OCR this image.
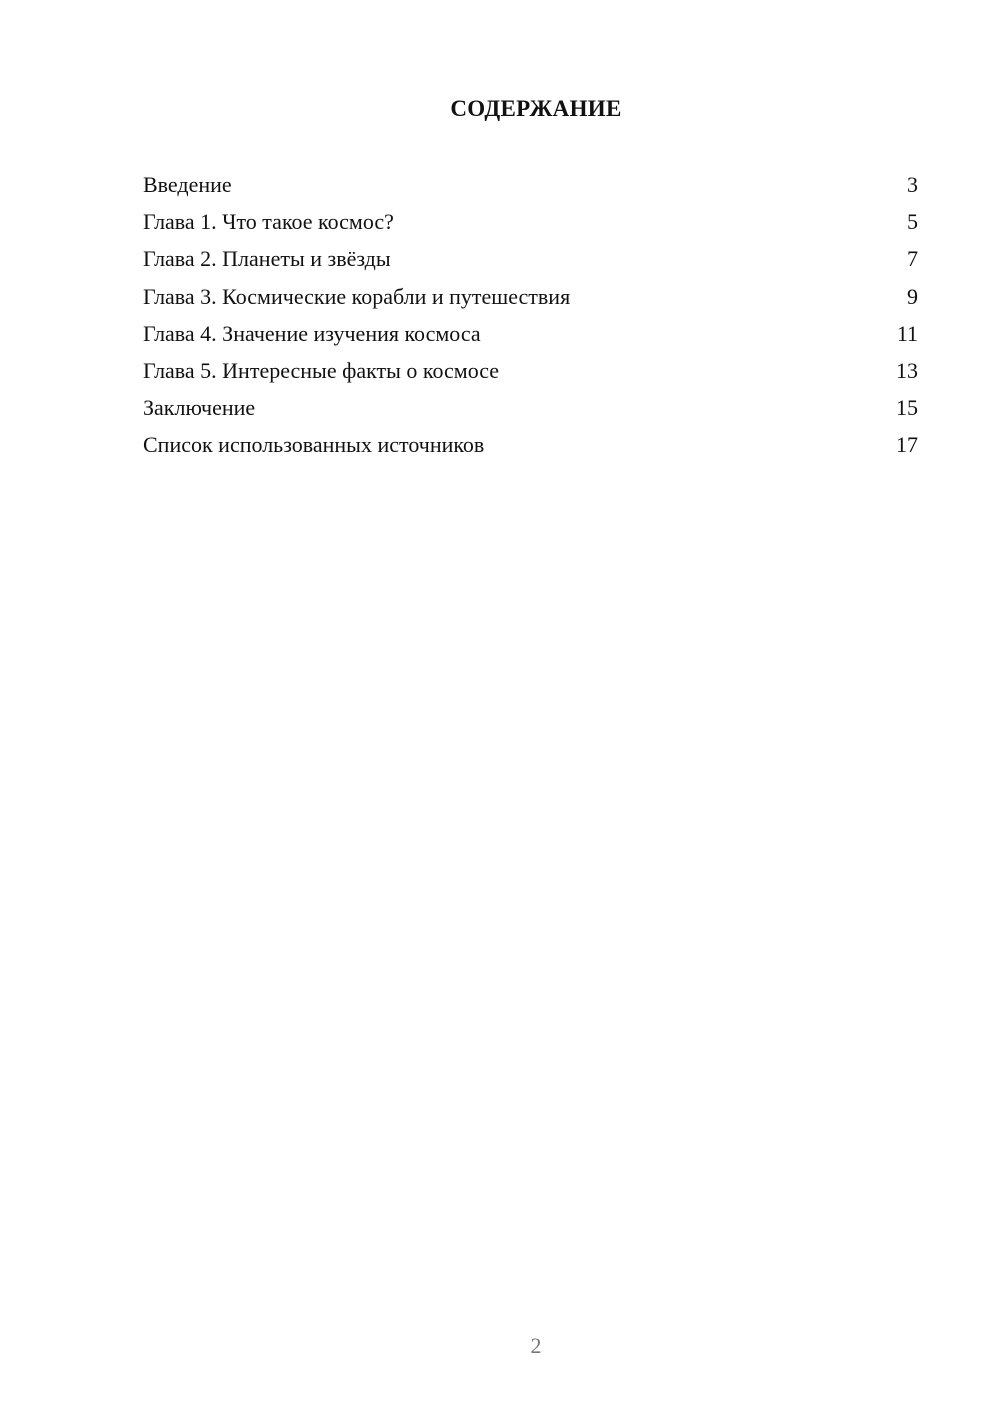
СОДЕРЖАНИЕ
Введение	3
Глава 1. Что такое космос?	5
Глава 2. Планеты и звёзды	7
Глава 3. Космические корабли и путешествия	9
Глава 4. Значение изучения космоса	11
Глава 5. Интересные факты о космосе	13
Заключение	15
Список использованных источников	17
2
